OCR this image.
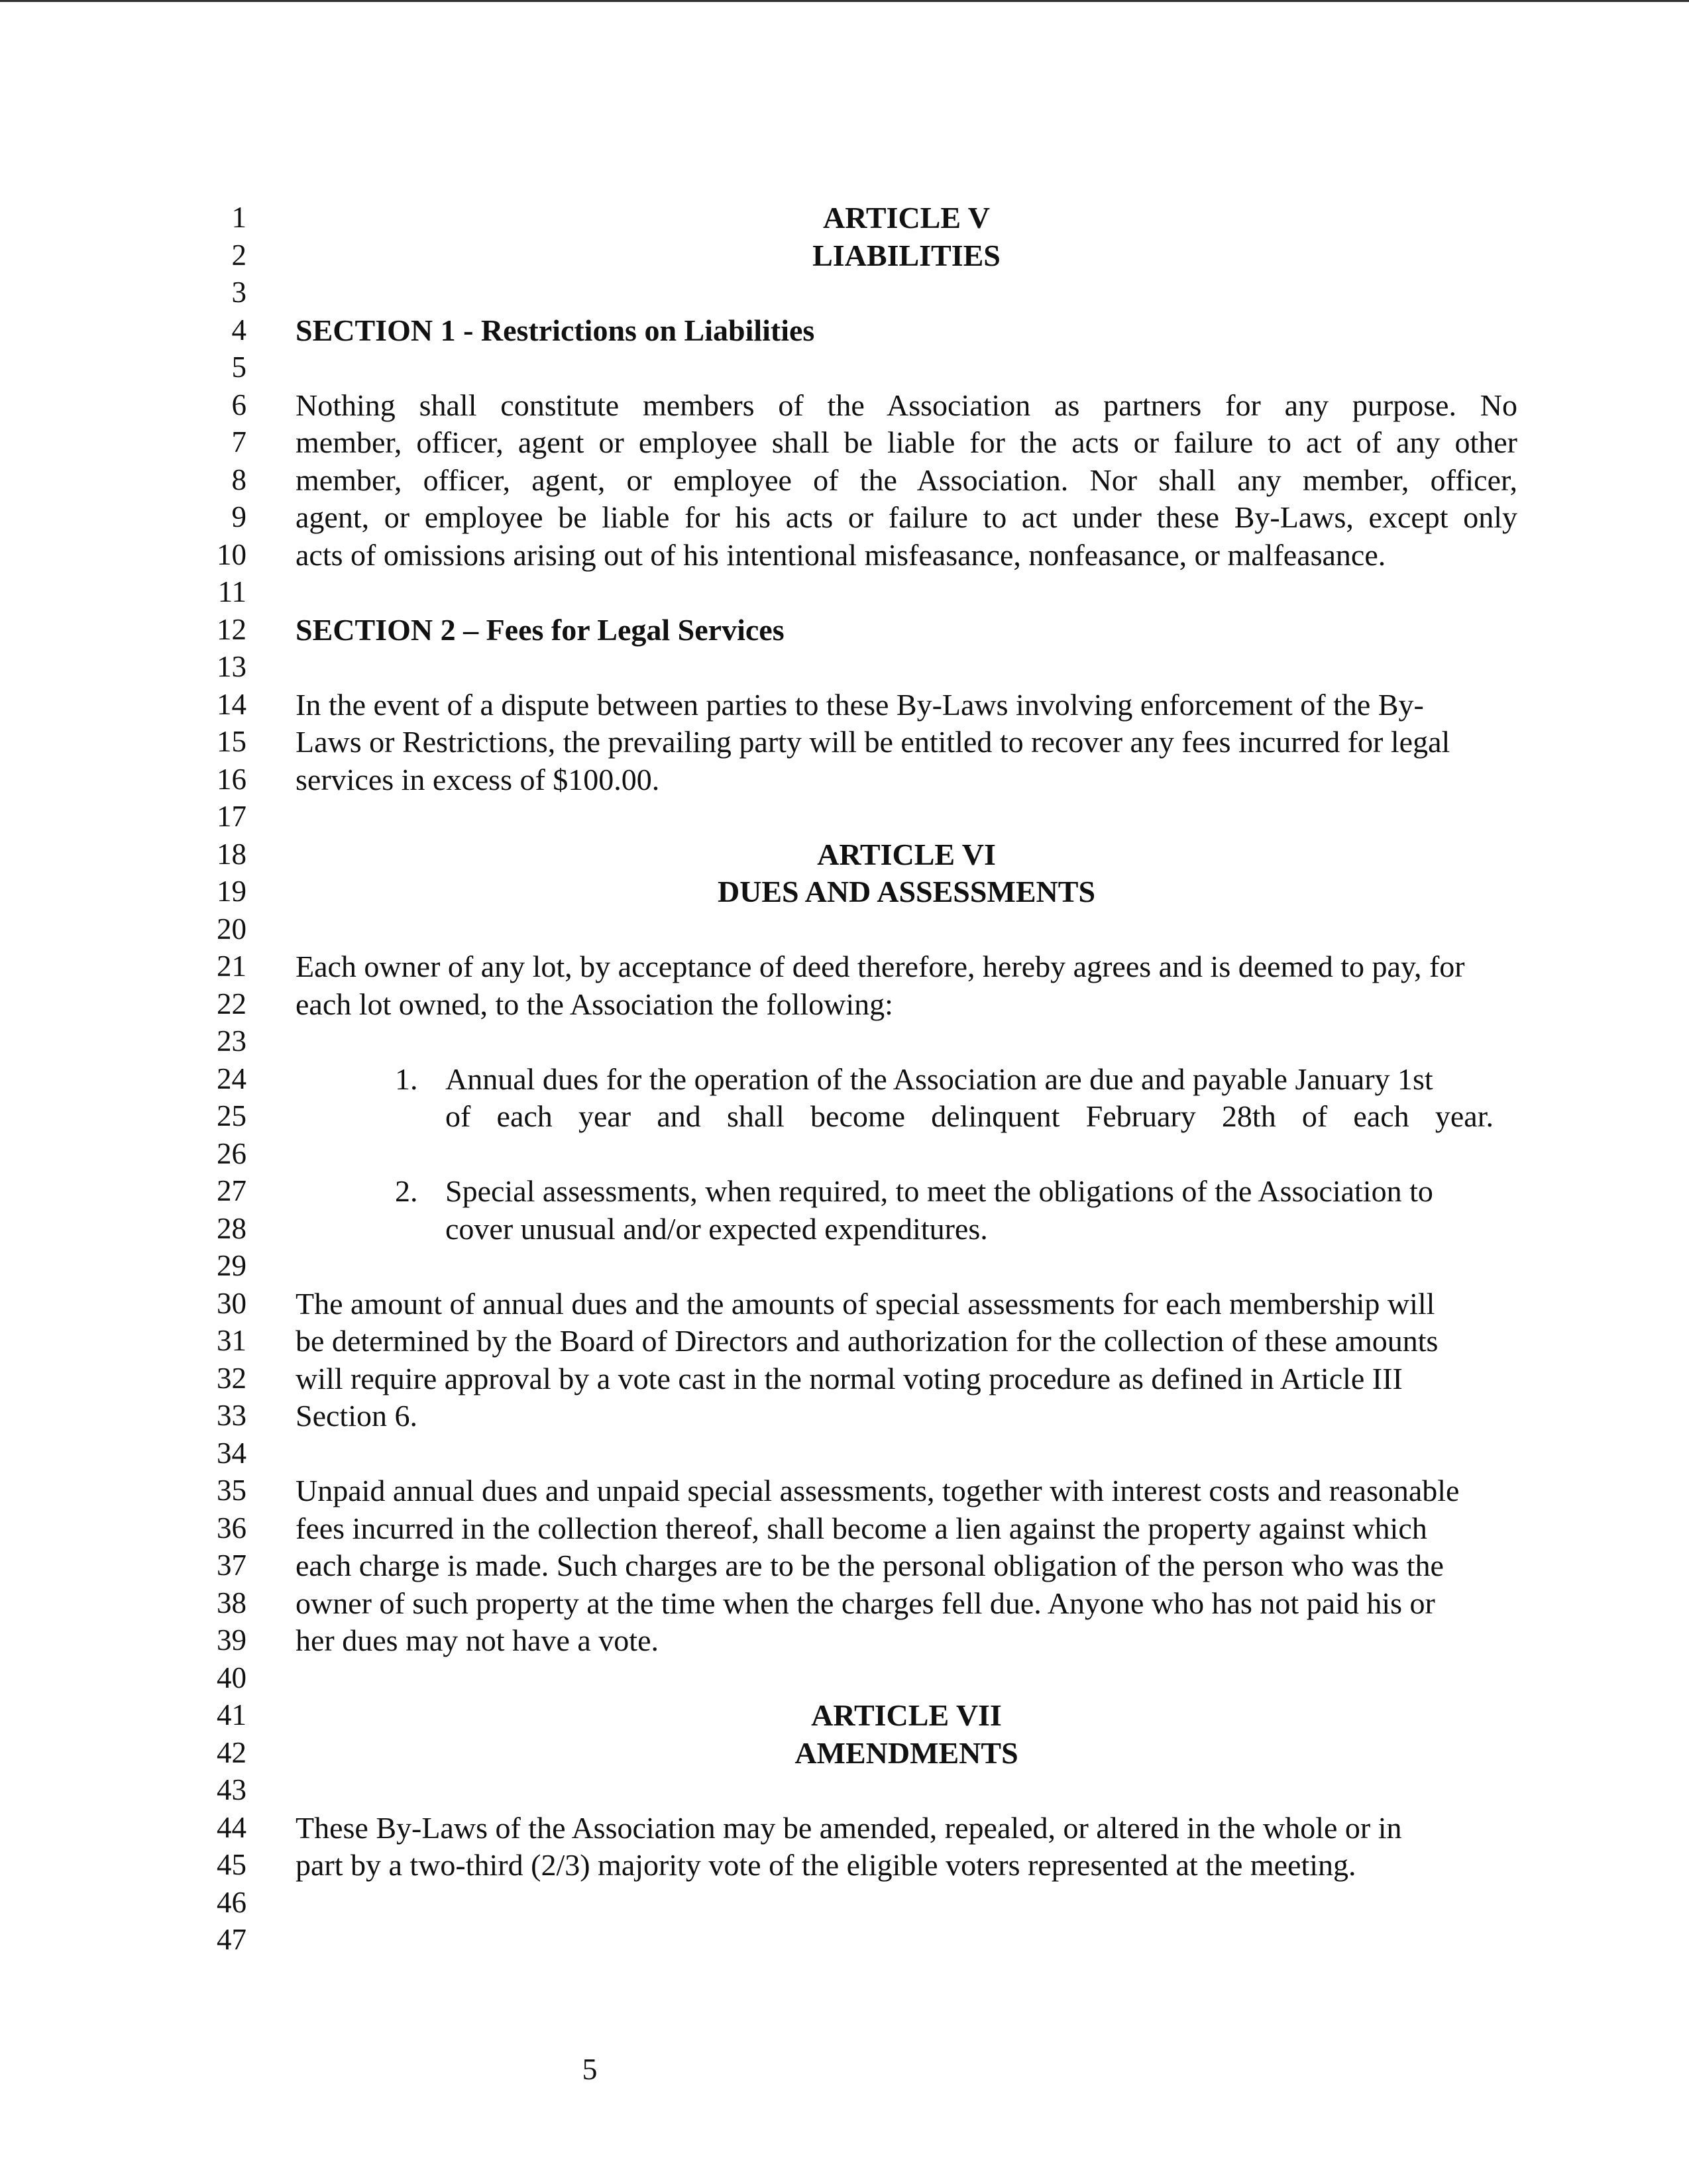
1	ARTICLE V
2	LIABILITIES
3
4 SECTION 1 - Restrictions on Liabilities
5
6 Nothing shall constitute members of the Association as partners for any purpose. No
7 member, officer, agent or employee shall be liable for the acts or failure to act of any other
8 member, officer, agent, or employee of the Association. Nor shall any member, officer,
9 agent, or employee be liable for his acts or failure to act under these By-Laws, except only
10 acts of omissions arising out of his intentional misfeasance, nonfeasance, or malfeasance.
11
12 SECTION 2 – Fees for Legal Services
13
14 In the event of a dispute between parties to these By-Laws involving enforcement of the By-
15 Laws or Restrictions, the prevailing party will be entitled to recover any fees incurred for legal
16 services in excess of $100.00.
17
18	ARTICLE VI
19	DUES AND ASSESSMENTS
20
21 Each owner of any lot, by acceptance of deed therefore, hereby agrees and is deemed to pay, for
22 each lot owned, to the Association the following:
23
24	1. Annual dues for the operation of the Association are due and payable January 1st
25	of each year and shall become delinquent February 28th of each year.
26
27	2. Special assessments, when required, to meet the obligations of the Association to
28	cover unusual and/or expected expenditures.
29
30 The amount of annual dues and the amounts of special assessments for each membership will
31 be determined by the Board of Directors and authorization for the collection of these amounts
32 will require approval by a vote cast in the normal voting procedure as defined in Article III
33 Section 6.
34
35 Unpaid annual dues and unpaid special assessments, together with interest costs and reasonable
36 fees incurred in the collection thereof, shall become a lien against the property against which
37 each charge is made. Such charges are to be the personal obligation of the person who was the
38 owner of such property at the time when the charges fell due. Anyone who has not paid his or
39 her dues may not have a vote.
40
41	ARTICLE VII
42	AMENDMENTS
43
44 These By-Laws of the Association may be amended, repealed, or altered in the whole or in
45 part by a two-third (2/3) majority vote of the eligible voters represented at the meeting.
46
47
5
